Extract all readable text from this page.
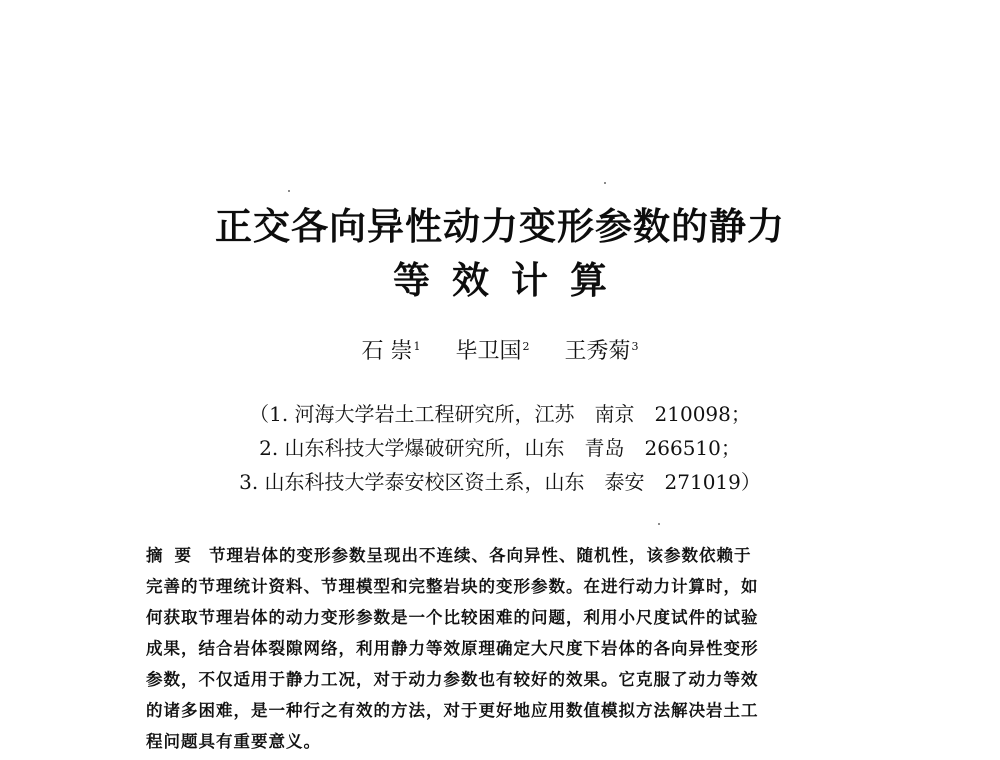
正交各向异性动力变形参数的静力
等效计算
石 崇$^1$ 毕卫国$^2$ 王秀菊$^3$
（1. 河海大学岩土工程研究所，江苏　南京　210098；
2. 山东科技大学爆破研究所，山东　青岛　266510；
3. 山东科技大学泰安校区资土系，山东　泰安　271019）
摘要 节理岩体的变形参数呈现出不连续、各向异性、随机性，该参数依赖于
完善的节理统计资料、节理模型和完整岩块的变形参数。在进行动力计算时，如
何获取节理岩体的动力变形参数是一个比较困难的问题，利用小尺度试件的试验
成果，结合岩体裂隙网络，利用静力等效原理确定大尺度下岩体的各向异性变形
参数，不仅适用于静力工况，对于动力参数也有较好的效果。它克服了动力等效
的诸多困难，是一种行之有效的方法，对于更好地应用数值模拟方法解决岩土工
程问题具有重要意义。
